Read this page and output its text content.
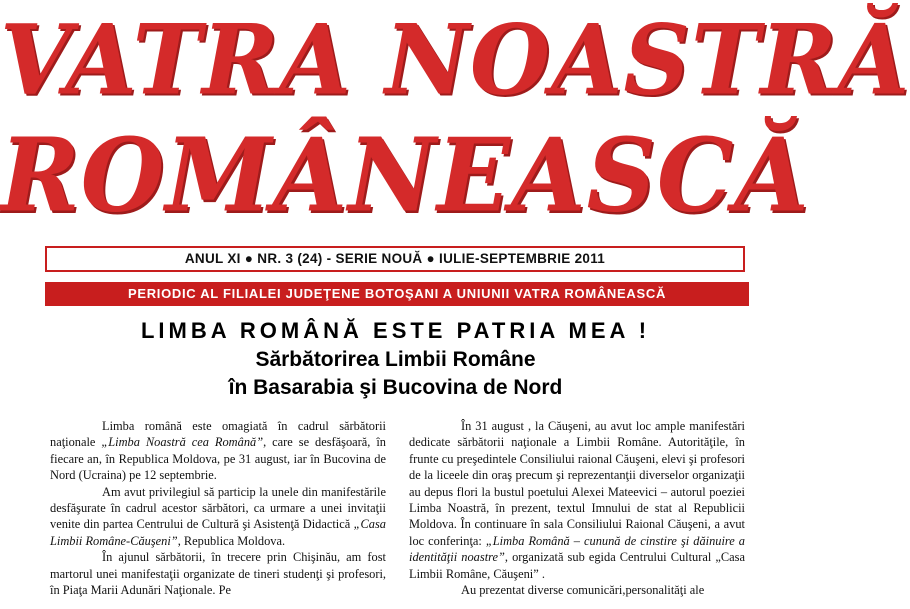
VATRA NOASTRĂ
ROMÂNEASCĂ
ANUL XI ● NR. 3 (24) - SERIE NOUĂ ● IULIE-SEPTEMBRIE 2011
PERIODIC AL FILIALEI JUDEŢENE BOTOŞANI A UNIUNII VATRA ROMÂNEASCĂ
LIMBA ROMÂNĂ ESTE PATRIA MEA !
Sărbătorirea Limbii Române
în Basarabia şi Bucovina de Nord

Limba română este omagiată în cadrul sărbătorii naţionale „Limba Noastră cea Română”, care se desfăşoară, în fiecare an, în Republica Moldova, pe 31 august, iar în Bucovina de Nord (Ucraina) pe 12 septembrie.

Am avut privilegiul să particip la unele din manifestările desfăşurate în cadrul acestor sărbători, ca urmare a unei invitaţii venite din partea Centrului de Cultură şi Asistenţă Didactică „Casa Limbii Române-Căuşeni”, Republica Moldova.

În ajunul sărbătorii, în trecere prin Chişinău, am fost martorul unei manifestaţii organizate de tineri studenţi şi profesori, în Piaţa Marii Adunări Naţionale. Pe

În 31 august , la Căuşeni, au avut loc ample manifestări dedicate sărbătorii naţionale a Limbii Române. Autorităţile, în frunte cu preşedintele Consiliului raional Căuşeni, elevi şi profesori de la liceele din oraş precum şi reprezentanţii diverselor organizaţii au depus flori la bustul poetului Alexei Mateevici – autorul poeziei Limba Noastră, în prezent, textul Imnului de stat al Republicii Moldova. În continuare în sala Consiliului Raional Căuşeni, a avut loc conferinţa: „Limba Română – cunună de cinstire şi dăinuire a identităţii noastre”, organizată sub egida Centrului Cultural „Casa Limbii Române, Căuşeni” .

Au prezentat diverse comunicări,personalităţi ale
